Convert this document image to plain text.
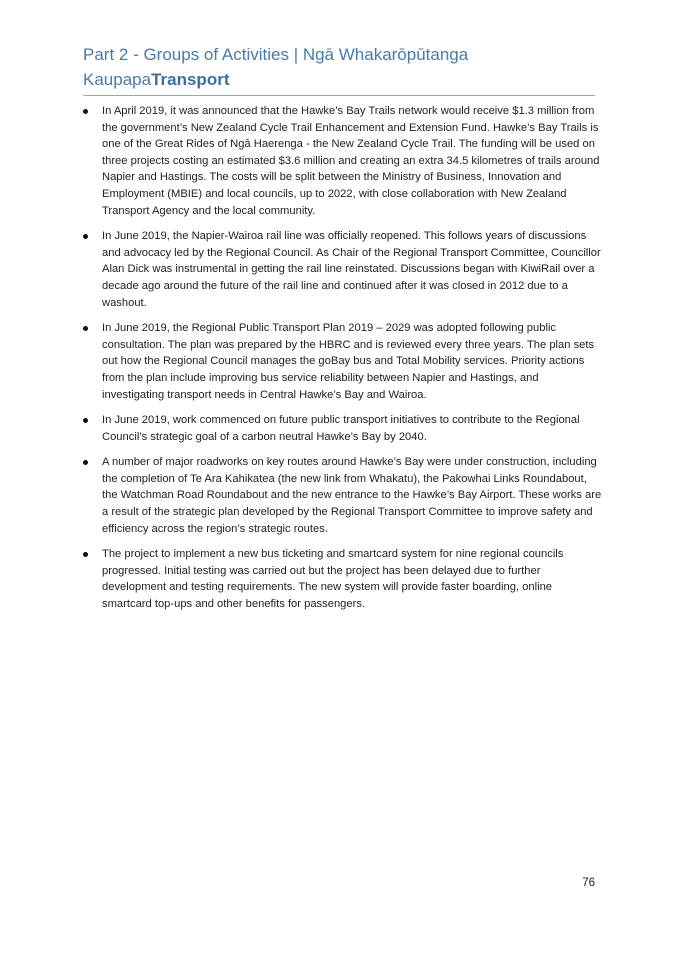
Part 2 - Groups of Activities | Ngā Whakarōpūtanga
KaupapaTransport
In April 2019, it was announced that the Hawke’s Bay Trails network would receive $1.3 million from the government’s New Zealand Cycle Trail Enhancement and Extension Fund. Hawke’s Bay Trails is one of the Great Rides of Ngā Haerenga - the New Zealand Cycle Trail. The funding will be used on three projects costing an estimated $3.6 million and creating an extra 34.5 kilometres of trails around Napier and Hastings. The costs will be split between the Ministry of Business, Innovation and Employment (MBIE) and local councils, up to 2022, with close collaboration with New Zealand Transport Agency and the local community.
In June 2019, the Napier-Wairoa rail line was officially reopened. This follows years of discussions and advocacy led by the Regional Council. As Chair of the Regional Transport Committee, Councillor Alan Dick was instrumental in getting the rail line reinstated. Discussions began with KiwiRail over a decade ago around the future of the rail line and continued after it was closed in 2012 due to a washout.
In June 2019, the Regional Public Transport Plan 2019 – 2029 was adopted following public consultation. The plan was prepared by the HBRC and is reviewed every three years. The plan sets out how the Regional Council manages the goBay bus and Total Mobility services. Priority actions from the plan include improving bus service reliability between Napier and Hastings, and investigating transport needs in Central Hawke’s Bay and Wairoa.
In June 2019, work commenced on future public transport initiatives to contribute to the Regional Council’s strategic goal of a carbon neutral Hawke’s Bay by 2040.
A number of major roadworks on key routes around Hawke’s Bay were under construction, including the completion of Te Ara Kahikatea (the new link from Whakatu), the Pakowhai Links Roundabout, the Watchman Road Roundabout and the new entrance to the Hawke’s Bay Airport. These works are a result of the strategic plan developed by the Regional Transport Committee to improve safety and efficiency across the region’s strategic routes.
The project to implement a new bus ticketing and smartcard system for nine regional councils progressed. Initial testing was carried out but the project has been delayed due to further development and testing requirements. The new system will provide faster boarding, online smartcard top-ups and other benefits for passengers.
76
